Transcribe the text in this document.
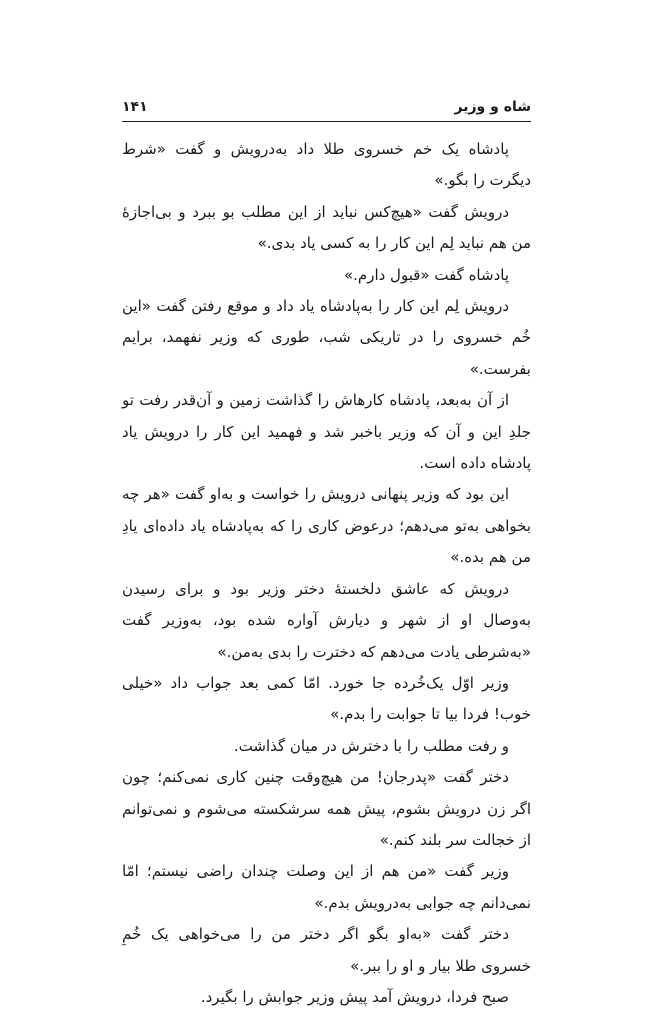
شاه و وزیر
۱۴۱

پادشاه یک خم خسروی طلا داد به‌درویش و گفت «شرط دیگرت را بگو.»

درویش گفت «هیچ‌کس نباید از این مطلب بو ببرد و بی‌اجازهٔ من هم نباید لِم این کار را به کسی یاد بدی.»

پادشاه گفت «قبول دارم.»

درویش لِم این کار را به‌پادشاه یاد داد و موقع رفتن گفت «این خُم خسروی را در تاریکی شب، طوری که وزیر نفهمد، برایم بفرست.»

از آن به‌بعد، پادشاه کارهاش را گذاشت زمین و آن‌قدر رفت تو جلدِ این و آن که وزیر باخبر شد و فهمید این کار را درویش یاد پادشاه داده است.

این بود که وزیر پنهانی درویش را خواست و به‌او گفت «هر چه بخواهی به‌تو می‌دهم؛ درعوض کاری را که به‌پادشاه یاد داده‌ای یادِ من هم بده.»

درویش که عاشق دلخستهٔ دختر وزیر بود و برای رسیدن به‌وصال او از شهر و دیارش آواره شده بود، به‌وزیر گفت «به‌شرطی یادت می‌دهم که دخترت را بدی به‌من.»

وزیر اوّل یک‌خُرده جا خورد. امّا کمی بعد جواب داد «خیلی خوب! فردا بیا تا جوابت را بدم.»

و رفت مطلب را با دخترش در میان گذاشت.

دختر گفت «پدرجان! من هیچ‌وقت چنین کاری نمی‌کنم؛ چون اگر زن درویش بشوم، پیش همه سرشکسته می‌شوم و نمی‌توانم از خجالت سر بلند کنم.»

وزیر گفت «من هم از این وصلت چندان راضی نیستم؛ امّا نمی‌دانم چه جوابی به‌درویش بدم.»

دختر گفت «به‌او بگو اگر دختر من را می‌خواهی یک خُمِ خسروی طلا بیار و او را ببر.»

صبح فردا، درویش آمد پیش وزیر جوابش را بگیرد.
